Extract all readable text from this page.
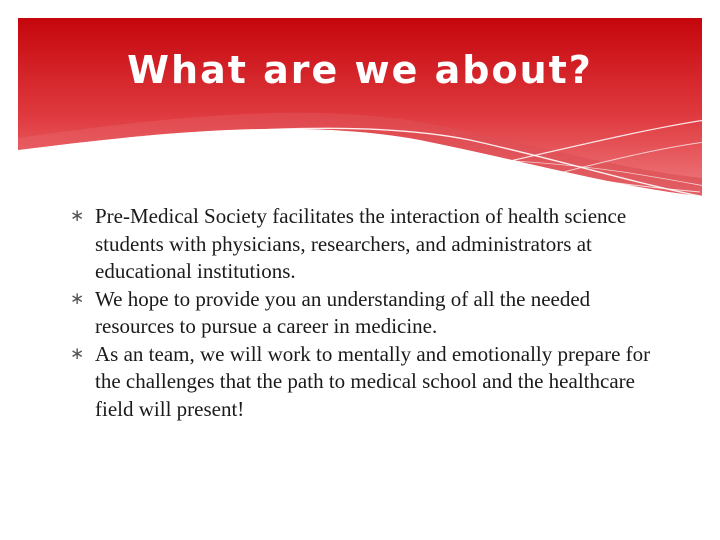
What are we about?
∗ Pre-Medical Society facilitates the interaction of health science students with physicians, researchers, and administrators at educational institutions.
∗ We hope to provide you an understanding of all the needed resources to pursue a career in medicine.
∗ As an team, we will work to mentally and emotionally prepare for the challenges that the path to medical school and the healthcare field will present!
